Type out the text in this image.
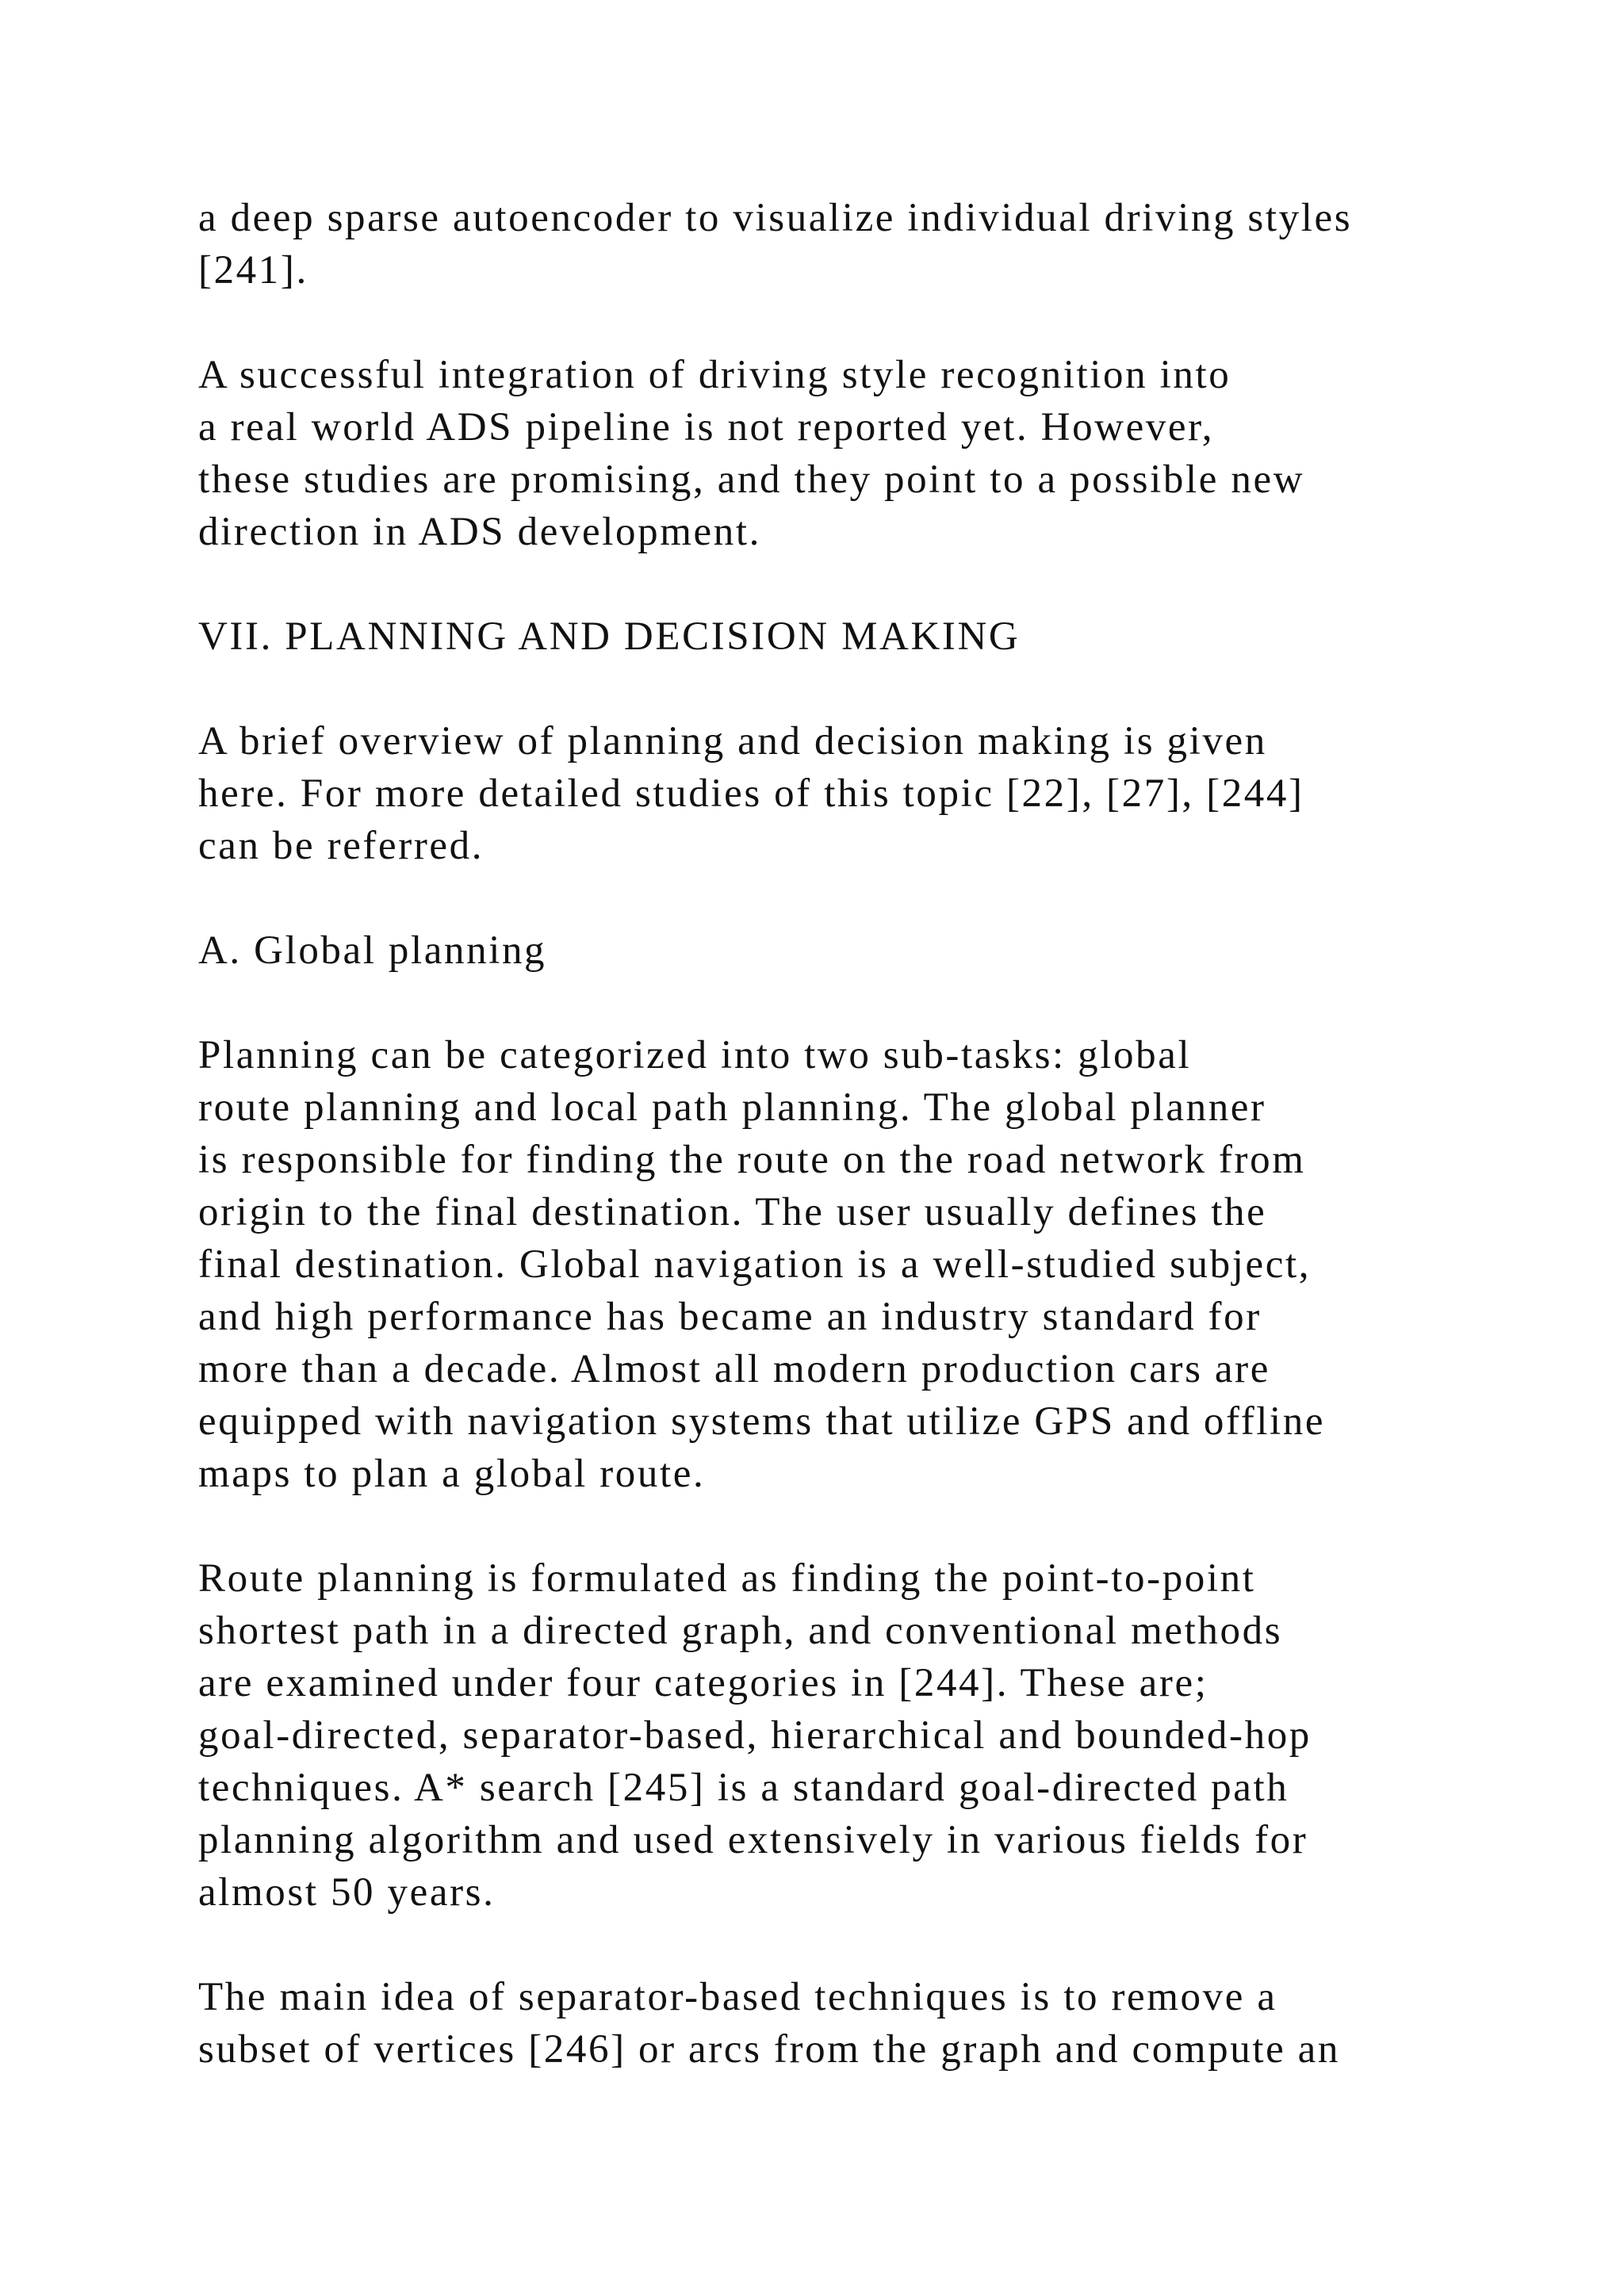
a deep sparse autoencoder to visualize individual driving styles
[241].

A successful integration of driving style recognition into
a real world ADS pipeline is not reported yet. However,
these studies are promising, and they point to a possible new
direction in ADS development.

VII. PLANNING AND DECISION MAKING

A brief overview of planning and decision making is given
here. For more detailed studies of this topic [22], [27], [244]
can be referred.

A. Global planning

Planning can be categorized into two sub-tasks: global
route planning and local path planning. The global planner
is responsible for finding the route on the road network from
origin to the final destination. The user usually defines the
final destination. Global navigation is a well-studied subject,
and high performance has became an industry standard for
more than a decade. Almost all modern production cars are
equipped with navigation systems that utilize GPS and offline
maps to plan a global route.

Route planning is formulated as finding the point-to-point
shortest path in a directed graph, and conventional methods
are examined under four categories in [244]. These are;
goal-directed, separator-based, hierarchical and bounded-hop
techniques. A* search [245] is a standard goal-directed path
planning algorithm and used extensively in various fields for
almost 50 years.

The main idea of separator-based techniques is to remove a
subset of vertices [246] or arcs from the graph and compute an
